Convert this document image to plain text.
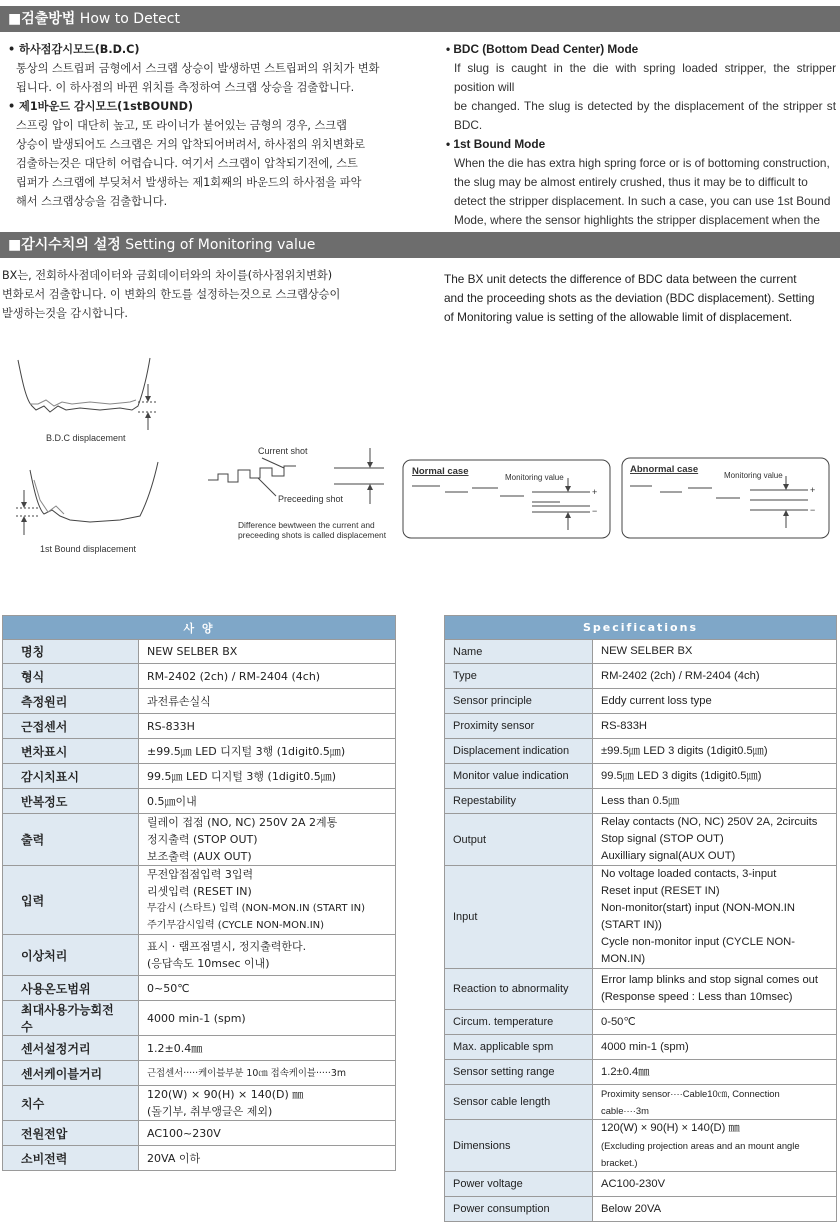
■검출방법 How to Detect
• 하사점감시모드(B.D.C)
통상의 스트립퍼 금형에서 스크랩 상승이 발생하면 스트립퍼의 위치가 변화
됩니다. 이 하사점의 바뀐 위치를 측정하여 스크랩 상승을 검출합니다.
• 제1바운드 감시모드(1stBOUND)
스프링 압이 대단히 높고, 또 라이너가 붙어있는 금형의 경우, 스크랩
상승이 발생되어도 스크랩은 거의 압착되어버려서, 하사점의 위치변화로
검출하는것은 대단히 어렵습니다. 여기서 스크랩이 압착되기전에, 스트
립퍼가 스크랩에 부딪쳐서 발생하는 제1회째의 바운드의 하사점을 파악
해서 스크랩상승을 검출합니다.
• BDC (Bottom Dead Center) Mode
If slug is caught in the die with spring loaded stripper, the stripper position will
be changed. The slug is detected by the displacement of the stripper st BDC.
• 1st Bound Mode
When the die has extra high spring force or is of bottoming construction,
the slug may be almost entirely crushed, thus it may be to difficult to
detect the stripper displacement. In such a case, you can use 1st Bound
Mode, where the sensor highlights the stripper displacement when the
■감시수치의 설정 Setting of Monitoring value
BX는, 전회하사점데이터와 금회데이터와의 차이를(하사점위치변화)
변화로서 검출합니다. 이 변화의 한도를 설정하는것으로 스크랩상승이
발생하는것을 감시합니다.
The BX unit detects the difference of BDC data between the current
and the proceeding shots as the deviation (BDC displacement). Setting
of Monitoring value is setting of the allowable limit of displacement.
B.D.C displacement
1st Bound displacement
Current shot
Preceeding shot
Difference bewtween the current and
preceeding shots is called displacement
Normal case
Monitoring value
+
−
Abnormal case
Monitoring value
+
−
사 양	
명칭	NEW SELBER BX

형식	RM-2402 (2ch) / RM-2404 (4ch)

측정원리	과전류손실식

근접센서	RS-833H

변차표시	±99.5㎛ LED 디지털 3행 (1digit0.5㎛)

감시치표시	99.5㎛ LED 디지털 3행 (1digit0.5㎛)

반복정도	0.5㎛이내

출력	릴레이 접점 (NO, NC) 250V 2A 2계통
정지출력 (STOP OUT)
보조출력 (AUX OUT)

입력	무전압접점입력 3입력
리셋입력 (RESET IN)
무감시 (스타트) 입력 (NON-MON.IN (START IN)
주기무감시입력 (CYCLE NON-MON.IN)

이상처리	표시 · 램프점멸시, 정지출력한다.
(응답속도 10msec 이내)

사용온도범위	0~50℃

최대사용가능회전수	4000 min-1 (spm)

센서설정거리	1.2±0.4㎜

센서케이블거리	근접센서·····케이블부분 10㎝ 접속케이블·····3m

치수	120(W) × 90(H) × 140(D) ㎜
(돌기부, 취부앵글은 제외)

전원전압	AC100~230V

소비전력	20VA 이하
Specifications	
Name	NEW SELBER BX

Type	RM-2402 (2ch) / RM-2404 (4ch)

Sensor principle	Eddy current loss type

Proximity sensor	RS-833H

Displacement indication	±99.5㎛ LED 3 digits (1digit0.5㎛)

Monitor value indication	99.5㎛ LED 3 digits (1digit0.5㎛)

Repestability	Less than 0.5㎛

Output	Relay contacts (NO, NC) 250V 2A, 2circuits
Stop signal (STOP OUT)
Auxilliary signal(AUX OUT)

Input	No voltage loaded contacts, 3-input
Reset input (RESET IN)
Non-monitor(start) input (NON-MON.IN (START IN))
Cycle non-monitor input (CYCLE NON-MON.IN)

Reaction to abnormality	Error lamp blinks and stop signal comes out
(Response speed : Less than 10msec)

Circum. temperature	0-50℃

Max. applicable spm	4000 min-1 (spm)

Sensor setting range	1.2±0.4㎜

Sensor cable length	Proximity sensor····Cable10㎝, Connection cable····3m

Dimensions	120(W) × 90(H) × 140(D) ㎜
(Excluding projection areas and an mount angle bracket.)

Power voltage	AC100-230V

Power consumption	Below 20VA
